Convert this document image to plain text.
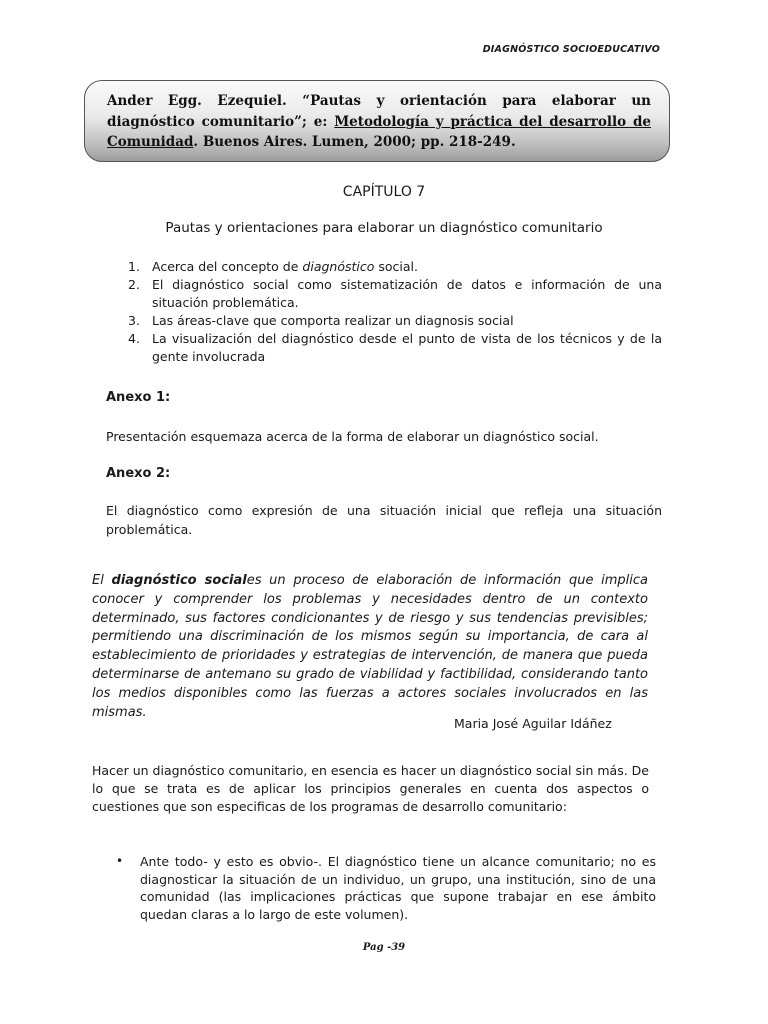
DIAGNÓSTICO SOCIOEDUCATIVO
Ander Egg. Ezequiel. “Pautas y orientación para elaborar un diagnóstico comunitario”; e: Metodología y práctica del desarrollo de Comunidad. Buenos Aires. Lumen, 2000; pp. 218-249.
CAPÍTULO 7
Pautas y orientaciones para elaborar un diagnóstico comunitario
1. Acerca del concepto de diagnóstico social.
2. El diagnóstico social como sistematización de datos e información de una situación problemática.
3. Las áreas-clave que comporta realizar un diagnosis social
4. La visualización del diagnóstico desde el punto de vista de los técnicos y de la gente involucrada
Anexo 1:
Presentación esquemaza acerca de la forma de elaborar un diagnóstico social.
Anexo 2:
El diagnóstico como expresión de una situación inicial que refleja una situación problemática.
El diagnóstico sociales un proceso de elaboración de información que implica conocer y comprender los problemas y necesidades dentro de un contexto determinado, sus factores condicionantes y de riesgo y sus tendencias previsibles; permitiendo una discriminación de los mismos según su importancia, de cara al establecimiento de prioridades y estrategias de intervención, de manera que pueda determinarse de antemano su grado de viabilidad y factibilidad, considerando tanto los medios disponibles como las fuerzas a actores sociales involucrados en las mismas.
Maria José Aguilar Idáñez
Hacer un diagnóstico comunitario, en esencia es hacer un diagnóstico social sin más. De lo que se trata es de aplicar los principios generales en cuenta dos aspectos o cuestiones que son especificas de los programas de desarrollo comunitario:
•	Ante todo- y esto es obvio-. El diagnóstico tiene un alcance comunitario; no es diagnosticar la situación de un individuo, un grupo, una institución, sino de una comunidad (las implicaciones prácticas que supone trabajar en ese ámbito quedan claras a lo largo de este volumen).
Pag -39
